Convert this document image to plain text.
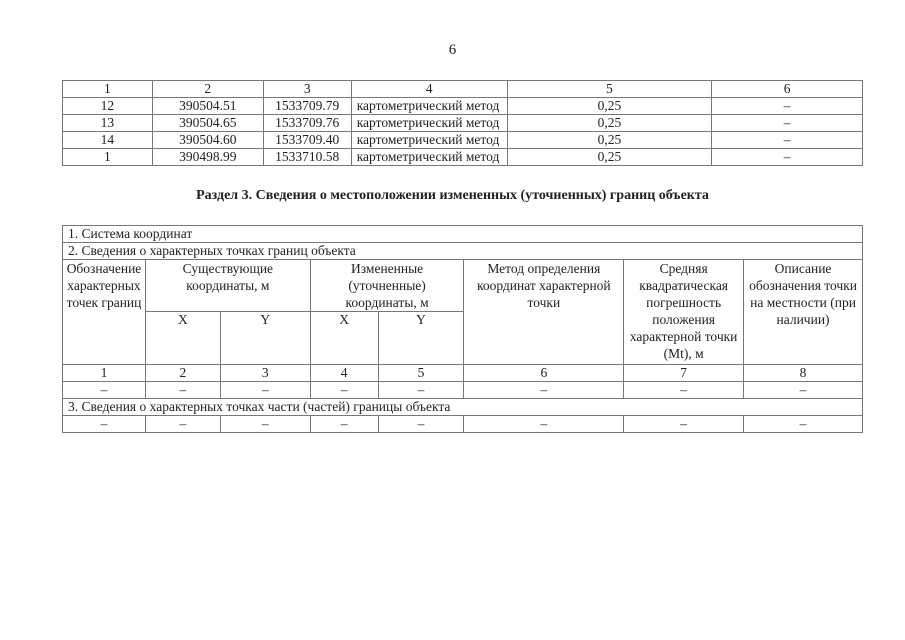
6
1	2	3	4	5	6
12	390504.51	1533709.79	картометрический метод	0,25	–
13	390504.65	1533709.76	картометрический метод	0,25	–
14	390504.60	1533709.40	картометрический метод	0,25	–
1	390498.99	1533710.58	картометрический метод	0,25	–
Раздел 3. Сведения о местоположении измененных (уточненных) границ объекта
1. Система координат							
2. Сведения о характерных точках границ объекта							
Обозначение характерных точек границ	Существующие координаты, м		Измененные (уточненные) координаты, м		Метод определения координат характерной точки	Средняя квадратическая погрешность положения характерной точки (Mt), м	Описание обозначения точки на местности (при наличии)
	X	Y	X	Y			
1	2	3	4	5	6	7	8
–	–	–	–	–	–	–	–
3. Сведения о характерных точках части (частей) границы объекта							
–	–	–	–	–	–	–	–
